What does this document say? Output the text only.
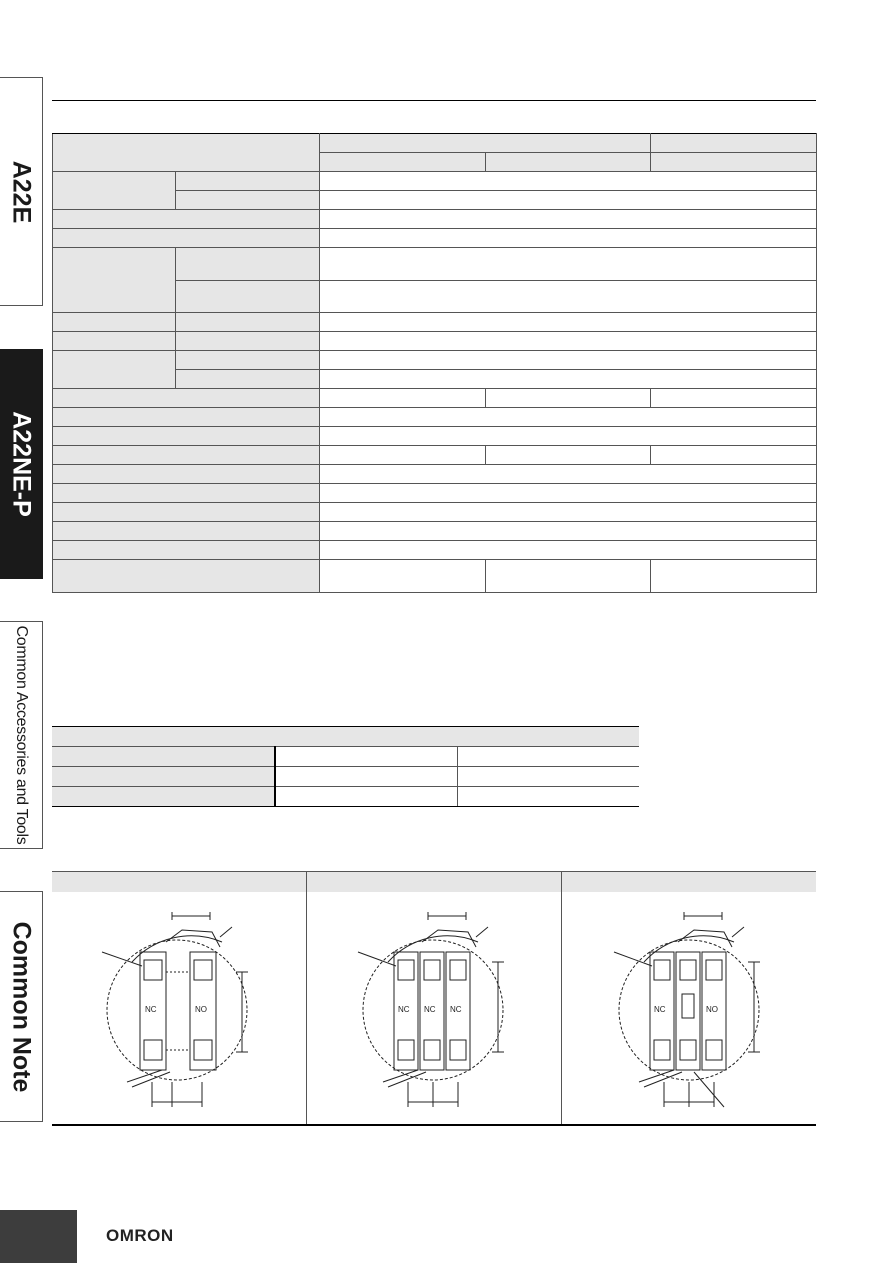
A22E
A22NE-P
Common Accessories and Tools
Common Note

			NC	NO	NC NC NC	NC	NO
OMRON
